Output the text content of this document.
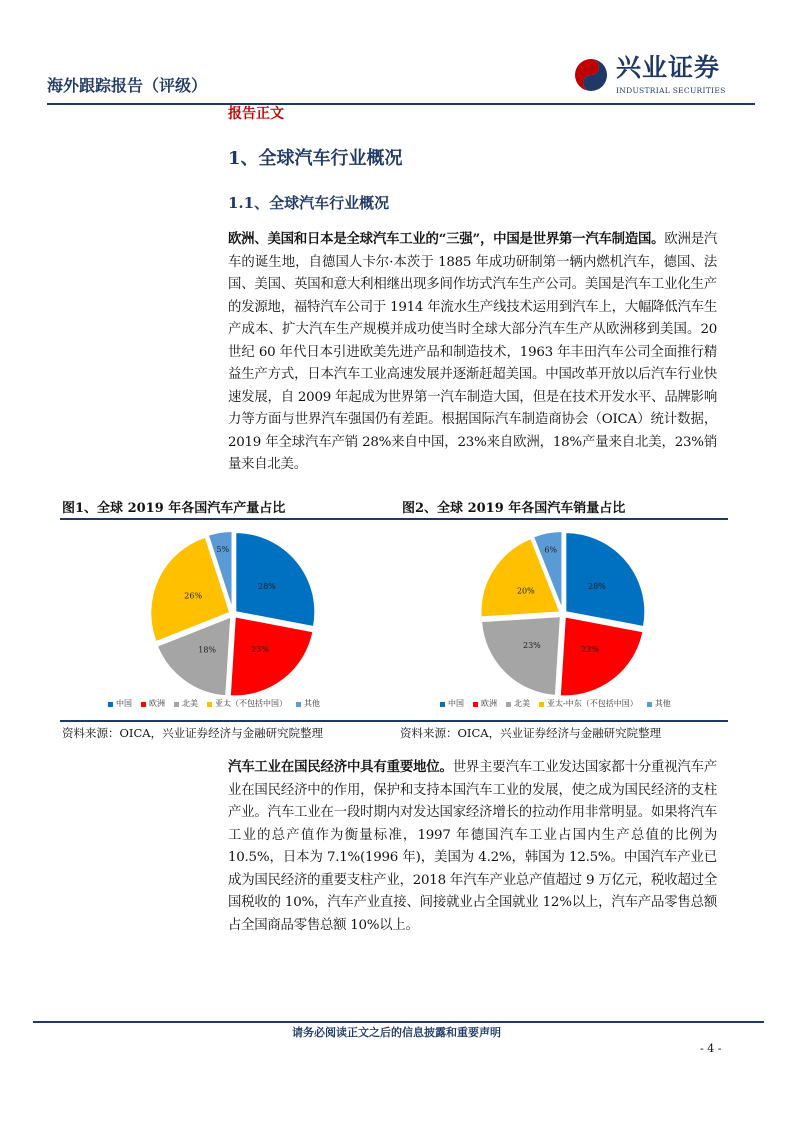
海外跟踪报告（评级）
兴业证券
INDUSTRIAL SECURITIES
报告正文
1、全球汽车行业概况
1.1、全球汽车行业概况
欧洲、美国和日本是全球汽车工业的“三强”，中国是世界第一汽车制造国。欧洲是汽车的诞生地，自德国人卡尔·本茨于 1885 年成功研制第一辆内燃机汽车，德国、法国、美国、英国和意大利相继出现多间作坊式汽车生产公司。美国是汽车工业化生产的发源地，福特汽车公司于 1914 年流水生产线技术运用到汽车上，大幅降低汽车生产成本、扩大汽车生产规模并成功使当时全球大部分汽车生产从欧洲移到美国。20 世纪 60 年代日本引进欧美先进产品和制造技术，1963 年丰田汽车公司全面推行精益生产方式，日本汽车工业高速发展并逐渐赶超美国。中国改革开放以后汽车行业快速发展，自 2009 年起成为世界第一汽车制造大国，但是在技术开发水平、品牌影响力等方面与世界汽车强国仍有差距。根据国际汽车制造商协会（OICA）统计数据，2019 年全球汽车产销 28%来自中国，23%来自欧洲，18%产量来自北美，23%销量来自北美。
图1、全球 2019 年各国汽车产量占比	图2、全球 2019 年各国汽车销量占比
28%
23%
18%
26%
5%
28%
23%
23%
20%
6%
中国	欧洲	北美	亚太（不包括中国）	其他	中国	欧洲	北美	亚太-中东（不包括中国）	其他
资料来源：OICA，兴业证券经济与金融研究院整理	资料来源：OICA，兴业证券经济与金融研究院整理
汽车工业在国民经济中具有重要地位。世界主要汽车工业发达国家都十分重视汽车产业在国民经济中的作用，保护和支持本国汽车工业的发展，使之成为国民经济的支柱产业。汽车工业在一段时期内对发达国家经济增长的拉动作用非常明显。如果将汽车工业的总产值作为衡量标准，1997 年德国汽车工业占国内生产总值的比例为 10.5%，日本为 7.1%(1996 年)，美国为 4.2%，韩国为 12.5%。中国汽车产业已成为国民经济的重要支柱产业，2018 年汽车产业总产值超过 9 万亿元，税收超过全国税收的 10%，汽车产业直接、间接就业占全国就业 12%以上，汽车产品零售总额占全国商品零售总额 10%以上。
请务必阅读正文之后的信息披露和重要声明
- 4 -
